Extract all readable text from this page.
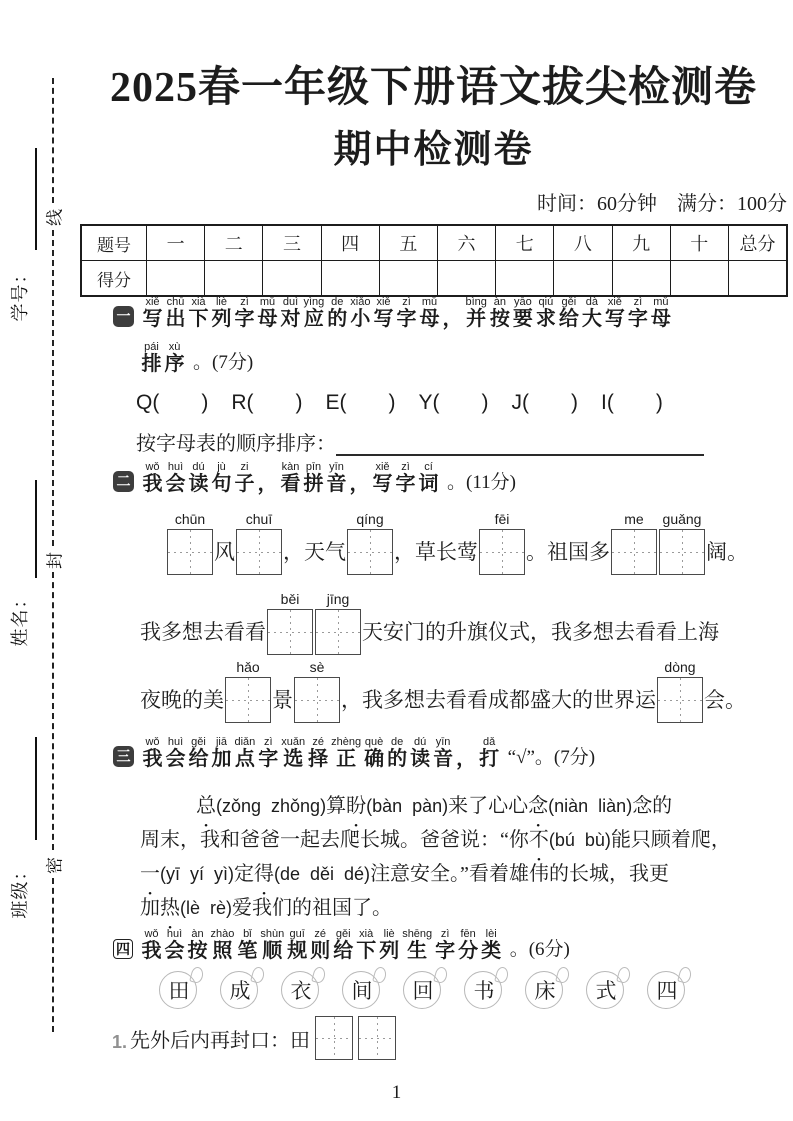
学号：
姓名：
班级：
线
封
密
2025春一年级下册语文拔尖检测卷
期中检测卷
时间：60分钟　满分：100分
题号	一	二	三	四	五	六	七	八	九	十	总分
得分
一 写xiě出chū下xià列liè字zì母mǔ对duì应yìng的de小xiǎo写xiě字zì母mǔ， 并bìng按àn要yāo求qiú给gěi大dà写xiě字zì母mǔ
排pái序xù
。(7分)
Q( ) R( ) E( ) Y( ) J( ) I( )
按字母表的顺序排序：
二 我wǒ会huì读dú句jù子zi， 看kàn拼pīn音yīn， 写xiě字zì词cí
。(11分)
chūn
风
chuī
，天气
qíng
，草长莺
fēi
。祖国多
me guǎng
阔。
我多想去看看
běi jīng
天安门的升旗仪式，我多想去看看上海
夜晚的美
hǎo
景
sè
，我多想去看看成都盛大的世界运
dòng
会。
三 我wǒ会huì给gěi加jiā点diǎn字zì选xuǎn择zé正zhèng确què的de读dú音yīn， 打dǎ
“√”。(7分)
总(zǒng  zhǒng)算盼(bàn  pàn)来了心心念(niàn  liàn)念的
周末，我和爸爸一起去爬长城。爸爸说：“你不(bú  bù)能只顾着爬，
一(yī  yí  yì)定得(de  děi  dé)注意安全。”看着雄伟的长城，我更
加热(lè  rè)爱我们的祖国了。
四 我wǒ会huì按àn照zhào笔bǐ顺shùn规guī则zé给gěi下xià列liè生shēng字zì分fēn类lèi
。(6分)
田	成	衣	间	回	书	床	式	四
1. 先外后内再封口：田
1
